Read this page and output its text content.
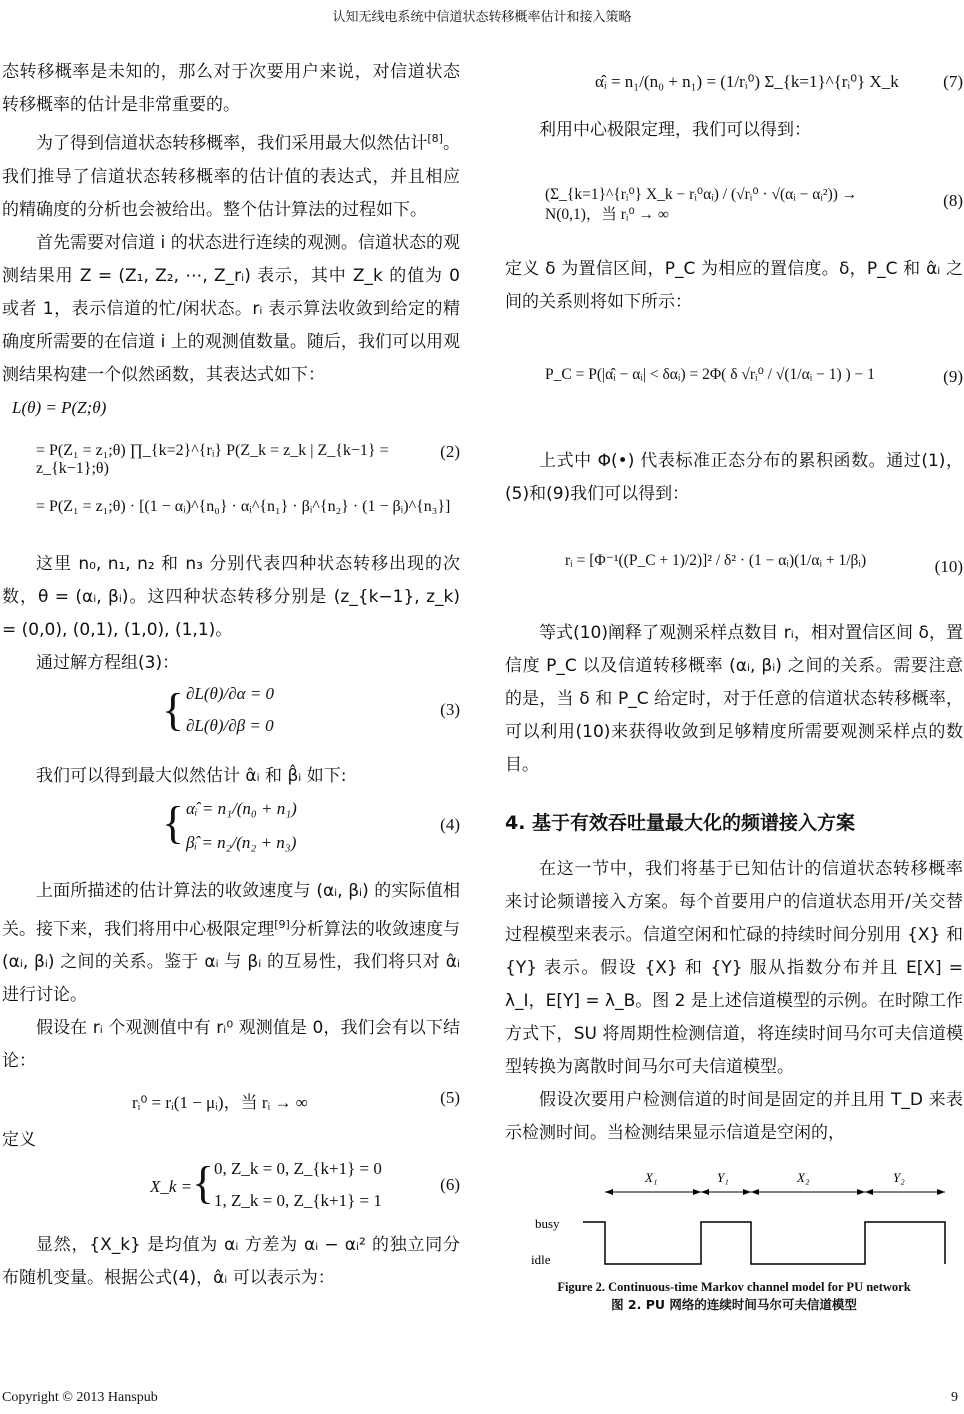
认知无线电系统中信道状态转移概率估计和接入策略

态转移概率是未知的，那么对于次要用户来说，对信道状态转移概率的估计是非常重要的。

为了得到信道状态转移概率，我们采用最大似然估计[8]。我们推导了信道状态转移概率的估计值的表达式，并且相应的精确度的分析也会被给出。整个估计算法的过程如下。

首先需要对信道 i 的状态进行连续的观测。信道状态的观测结果用 Z = (Z₁, Z₂, ⋯, Z_rᵢ) 表示，其中 Z_k 的值为 0 或者 1，表示信道的忙/闲状态。rᵢ 表示算法收敛到给定的精确度所需要的在信道 i 上的观测值数量。随后，我们可以用观测结果构建一个似然函数，其表达式如下：

L(θ) = P(Z;θ)
= P(Z₁ = z₁;θ) ∏_{k=2}^{rᵢ} P(Z_k = z_k | Z_{k−1} = z_{k−1};θ)
= P(Z₁ = z₁;θ) · [(1 − αᵢ)^{n₀} · αᵢ^{n₁} · βᵢ^{n₂} · (1 − βᵢ)^{n₃}]
(2)

这里 n₀, n₁, n₂ 和 n₃ 分别代表四种状态转移出现的次数，θ = (αᵢ, βᵢ)。这四种状态转移分别是 (z_{k−1}, z_k) = (0,0), (0,1), (1,0), (1,1)。

通过解方程组(3)：

{ ∂L(θ)/∂α = 0
∂L(θ)/∂β = 0
(3)

我们可以得到最大似然估计 α̂ᵢ 和 β̂ᵢ 如下:

{ α̂ᵢ = n₁/(n₀ + n₁)
β̂ᵢ = n₂/(n₂ + n₃)
(4)

上面所描述的估计算法的收敛速度与 (αᵢ, βᵢ) 的实际值相关。接下来，我们将用中心极限定理[9]分析算法的收敛速度与 (αᵢ, βᵢ) 之间的关系。鉴于 αᵢ 与 βᵢ 的互易性，我们将只对 α̂ᵢ 进行讨论。

假设在 rᵢ 个观测值中有 rᵢ⁰ 观测值是 0，我们会有以下结论：

rᵢ⁰ = rᵢ(1 − μᵢ)，当 rᵢ → ∞	(5)

定义

X_k = { 0, Z_k = 0, Z_{k+1} = 0
1, Z_k = 0, Z_{k+1} = 1
(6)

显然，{X_k} 是均值为 αᵢ 方差为 αᵢ − αᵢ² 的独立同分布随机变量。根据公式(4)，α̂ᵢ 可以表示为：

α̂ᵢ = n₁/(n₀ + n₁) = (1/rᵢ⁰) Σ_{k=1}^{rᵢ⁰} X_k	(7)

利用中心极限定理，我们可以得到：

(Σ_{k=1}^{rᵢ⁰} X_k − rᵢ⁰αᵢ) / (√rᵢ⁰ · √(αᵢ − αᵢ²)) → N(0,1)，当 rᵢ⁰ → ∞
(8)

定义 δ 为置信区间，P_C 为相应的置信度。δ，P_C 和 α̂ᵢ 之间的关系则将如下所示：

P_C = P(|α̂ᵢ − αᵢ| < δαᵢ) = 2Φ( δ √rᵢ⁰ / √(1/αᵢ − 1) ) − 1	(9)

上式中 Φ(•) 代表标准正态分布的累积函数。通过(1)，(5)和(9)我们可以得到：

rᵢ = [Φ⁻¹((P_C + 1)/2)]² / δ² · (1 − αᵢ)(1/αᵢ + 1/βᵢ)	(10)

等式(10)阐释了观测采样点数目 rᵢ，相对置信区间 δ，置信度 P_C 以及信道转移概率 (αᵢ, βᵢ) 之间的关系。需要注意的是，当 δ 和 P_C 给定时，对于任意的信道状态转移概率，可以利用(10)来获得收敛到足够精度所需要观测采样点的数目。

4. 基于有效吞吐量最大化的频谱接入方案

在这一节中，我们将基于已知估计的信道状态转移概率来讨论频谱接入方案。每个首要用户的信道状态用开/关交替过程模型来表示。信道空闲和忙碌的持续时间分别用 {X} 和 {Y} 表示。假设 {X} 和 {Y} 服从指数分布并且 E[X] = λ_I，E[Y] = λ_B。图 2 是上述信道模型的示例。在时隙工作方式下，SU 将周期性检测信道，将连续时间马尔可夫信道模型转换为离散时间马尔可夫信道模型。

假设次要用户检测信道的时间是固定的并且用 T_D 来表示检测时间。当检测结果显示信道是空闲的，

X₁	Y₁	X₂	Y₂
busy
idle
Figure 2. Continuous-time Markov channel model for PU network
图 2. PU 网络的连续时间马尔可夫信道模型
Copyright © 2013 Hanspub	9
